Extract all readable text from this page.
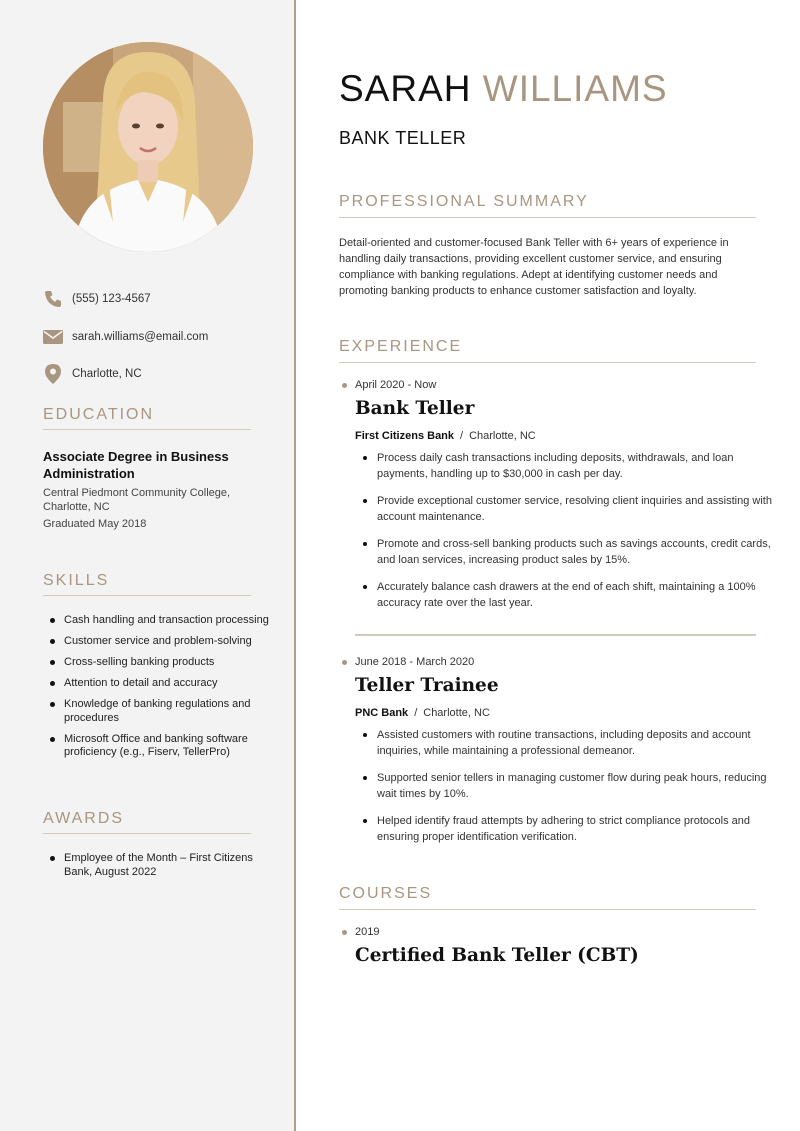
(555) 123-4567
sarah.williams@email.com
Charlotte, NC
EDUCATION
Associate Degree in Business Administration
Central Piedmont Community College, Charlotte, NC
Graduated May 2018
SKILLS
Cash handling and transaction processing
Customer service and problem-solving
Cross-selling banking products
Attention to detail and accuracy
Knowledge of banking regulations and procedures
Microsoft Office and banking software proficiency (e.g., Fiserv, TellerPro)
AWARDS
Employee of the Month – First Citizens Bank, August 2022
SARAH WILLIAMS
BANK TELLER
PROFESSIONAL SUMMARY

Detail-oriented and customer-focused Bank Teller with 6+ years of experience in handling daily transactions, providing excellent customer service, and ensuring compliance with banking regulations. Adept at identifying customer needs and promoting banking products to enhance customer satisfaction and loyalty.

EXPERIENCE
April 2020 - Now
Bank Teller
First Citizens Bank / Charlotte, NC
Process daily cash transactions including deposits, withdrawals, and loan payments, handling up to $30,000 in cash per day.
Provide exceptional customer service, resolving client inquiries and assisting with account maintenance.
Promote and cross-sell banking products such as savings accounts, credit cards, and loan services, increasing product sales by 15%.
Accurately balance cash drawers at the end of each shift, maintaining a 100% accuracy rate over the last year.
June 2018 - March 2020
Teller Trainee
PNC Bank / Charlotte, NC
Assisted customers with routine transactions, including deposits and account inquiries, while maintaining a professional demeanor.
Supported senior tellers in managing customer flow during peak hours, reducing wait times by 10%.
Helped identify fraud attempts by adhering to strict compliance protocols and ensuring proper identification verification.
COURSES
2019
Certified Bank Teller (CBT)
